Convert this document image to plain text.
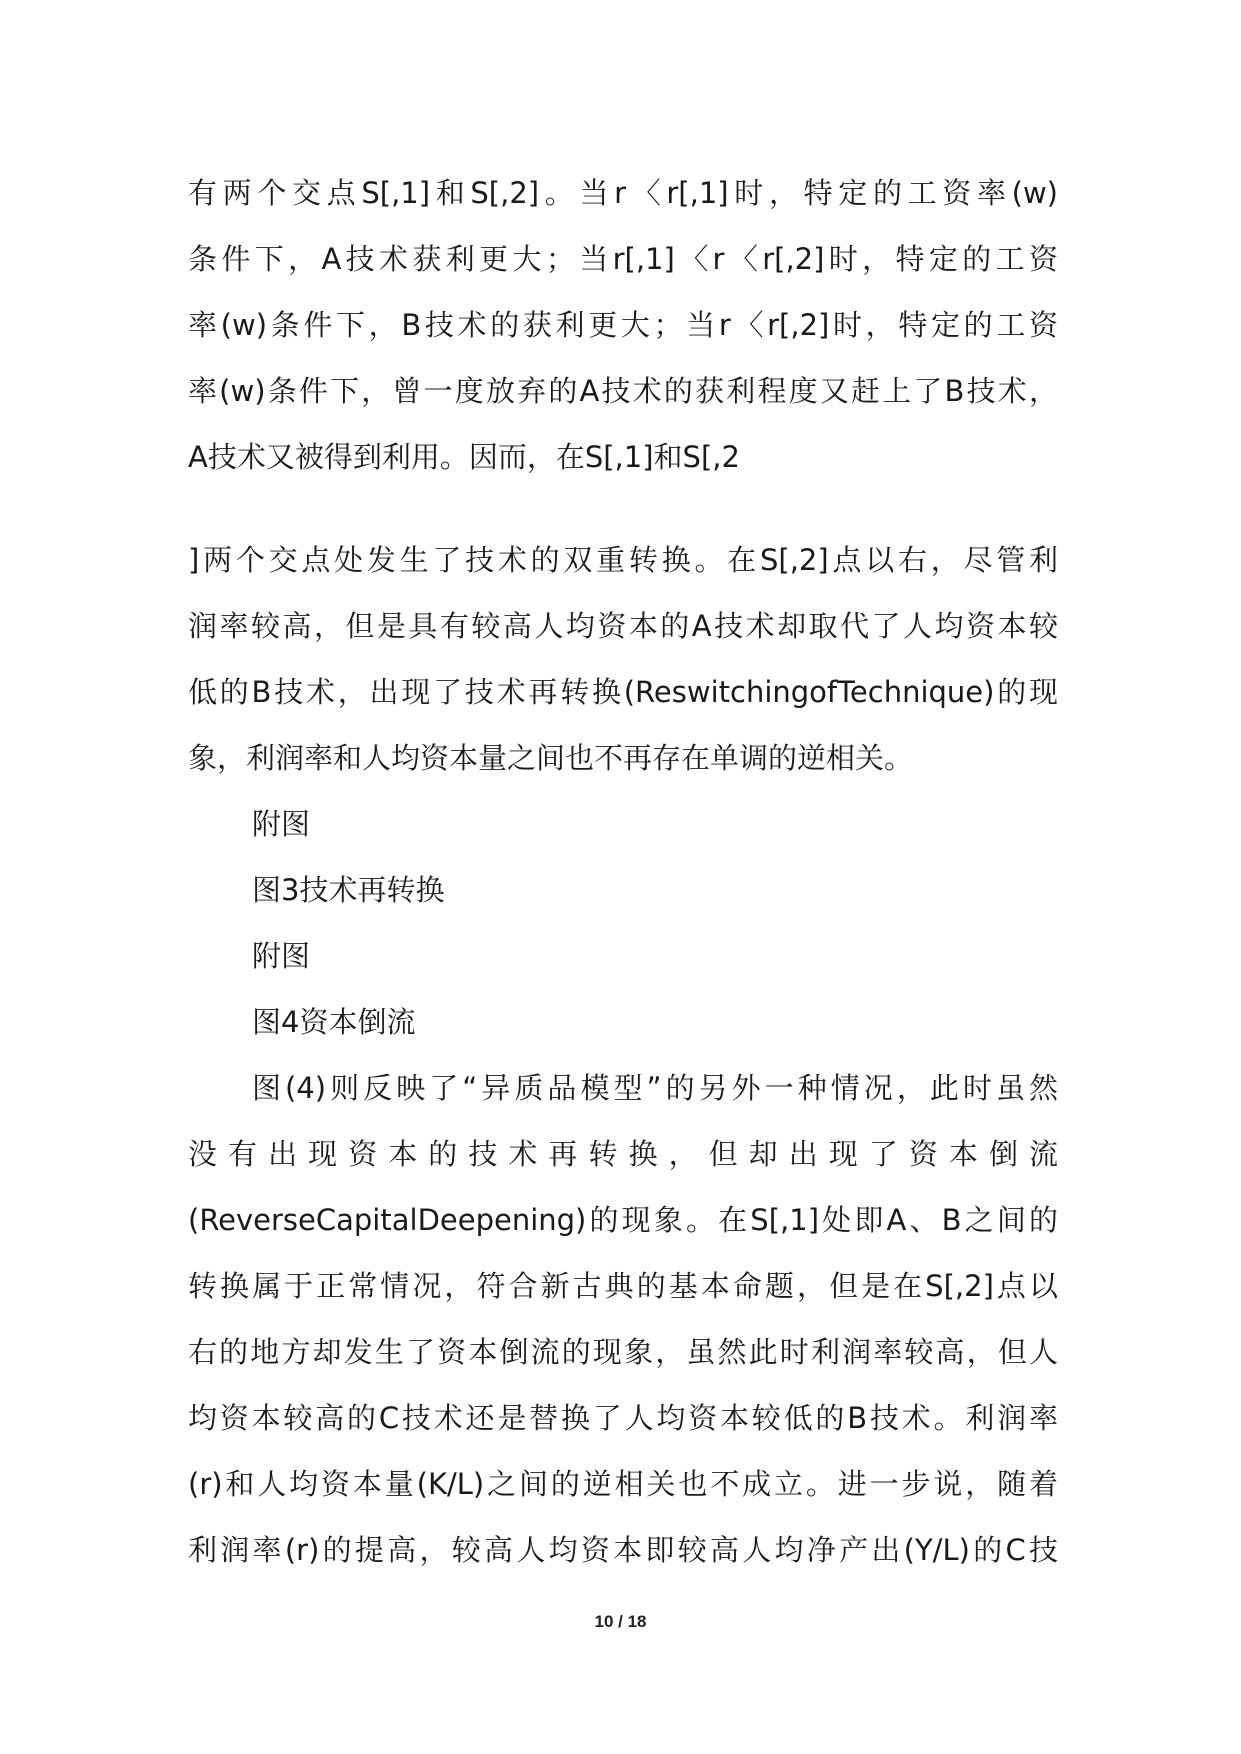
有两个交点S[,1]和S[,2]。当r〈r[,1]时，特定的工资率(w)
条件下，A技术获利更大；当r[,1]〈r〈r[,2]时，特定的工资
率(w)条件下，B技术的获利更大；当r〈r[,2]时，特定的工资
率(w)条件下，曾一度放弃的A技术的获利程度又赶上了B技术，
A技术又被得到利用。因而，在S[,1]和S[,2
]两个交点处发生了技术的双重转换。在S[,2]点以右，尽管利
润率较高，但是具有较高人均资本的A技术却取代了人均资本较
低的B技术，出现了技术再转换(ReswitchingofTechnique)的现
象，利润率和人均资本量之间也不再存在单调的逆相关。
附图
图3技术再转换
附图
图4资本倒流
图(4)则反映了“异质品模型”的另外一种情况，此时虽然
没有出现资本的技术再转换，但却出现了资本倒流
(ReverseCapitalDeepening)的现象。在S[,1]处即A、B之间的
转换属于正常情况，符合新古典的基本命题，但是在S[,2]点以
右的地方却发生了资本倒流的现象，虽然此时利润率较高，但人
均资本较高的C技术还是替换了人均资本较低的B技术。利润率
(r)和人均资本量(K/L)之间的逆相关也不成立。进一步说，随着
利润率(r)的提高，较高人均资本即较高人均净产出(Y/L)的C技
10 / 18
